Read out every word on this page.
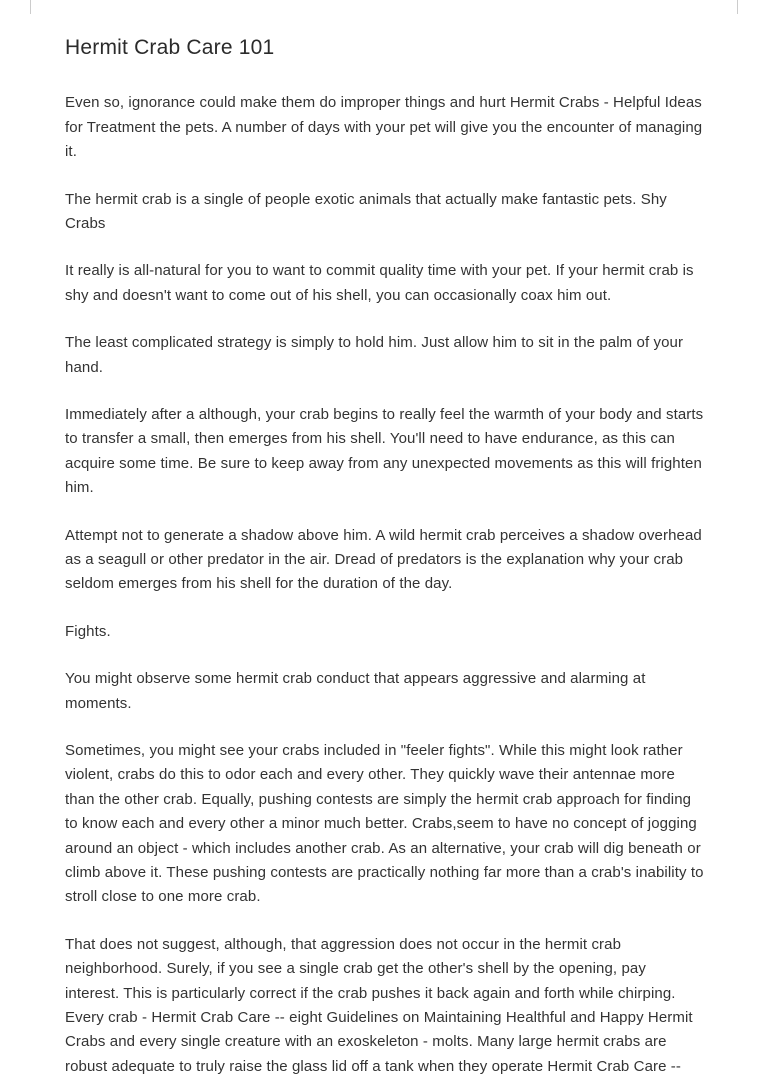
Hermit Crab Care 101

Even so, ignorance could make them do improper things and hurt Hermit Crabs - Helpful Ideas for Treatment the pets. A number of days with your pet will give you the encounter of managing it.

The hermit crab is a single of people exotic animals that actually make fantastic pets. Shy Crabs

It really is all-natural for you to want to commit quality time with your pet. If your hermit crab is shy and doesn't want to come out of his shell, you can occasionally coax him out.

The least complicated strategy is simply to hold him. Just allow him to sit in the palm of your hand.

Immediately after a although, your crab begins to really feel the warmth of your body and starts to transfer a small, then emerges from his shell. You'll need to have endurance, as this can acquire some time. Be sure to keep away from any unexpected movements as this will frighten him.

Attempt not to generate a shadow above him. A wild hermit crab perceives a shadow overhead as a seagull or other predator in the air. Dread of predators is the explanation why your crab seldom emerges from his shell for the duration of the day.

Fights.

You might observe some hermit crab conduct that appears aggressive and alarming at moments.

Sometimes, you might see your crabs included in "feeler fights". While this might look rather violent, crabs do this to odor each and every other. They quickly wave their antennae more than the other crab. Equally, pushing contests are simply the hermit crab approach for finding to know each and every other a minor much better. Crabs,seem to have no concept of jogging around an object - which includes another crab. As an alternative, your crab will dig beneath or climb above it. These pushing contests are practically nothing far more than a crab's inability to stroll close to one more crab.

That does not suggest, although, that aggression does not occur in the hermit crab neighborhood. Surely, if you see a single crab get the other's shell by the opening, pay interest. This is particularly correct if the crab pushes it back again and forth while chirping. Every crab - Hermit Crab Care -- eight Guidelines on Maintaining Healthful and Happy Hermit Crabs and every single creature with an exoskeleton - molts. Many large hermit crabs are robust adequate to truly raise the glass lid off a tank when they operate Hermit Crab Care --
